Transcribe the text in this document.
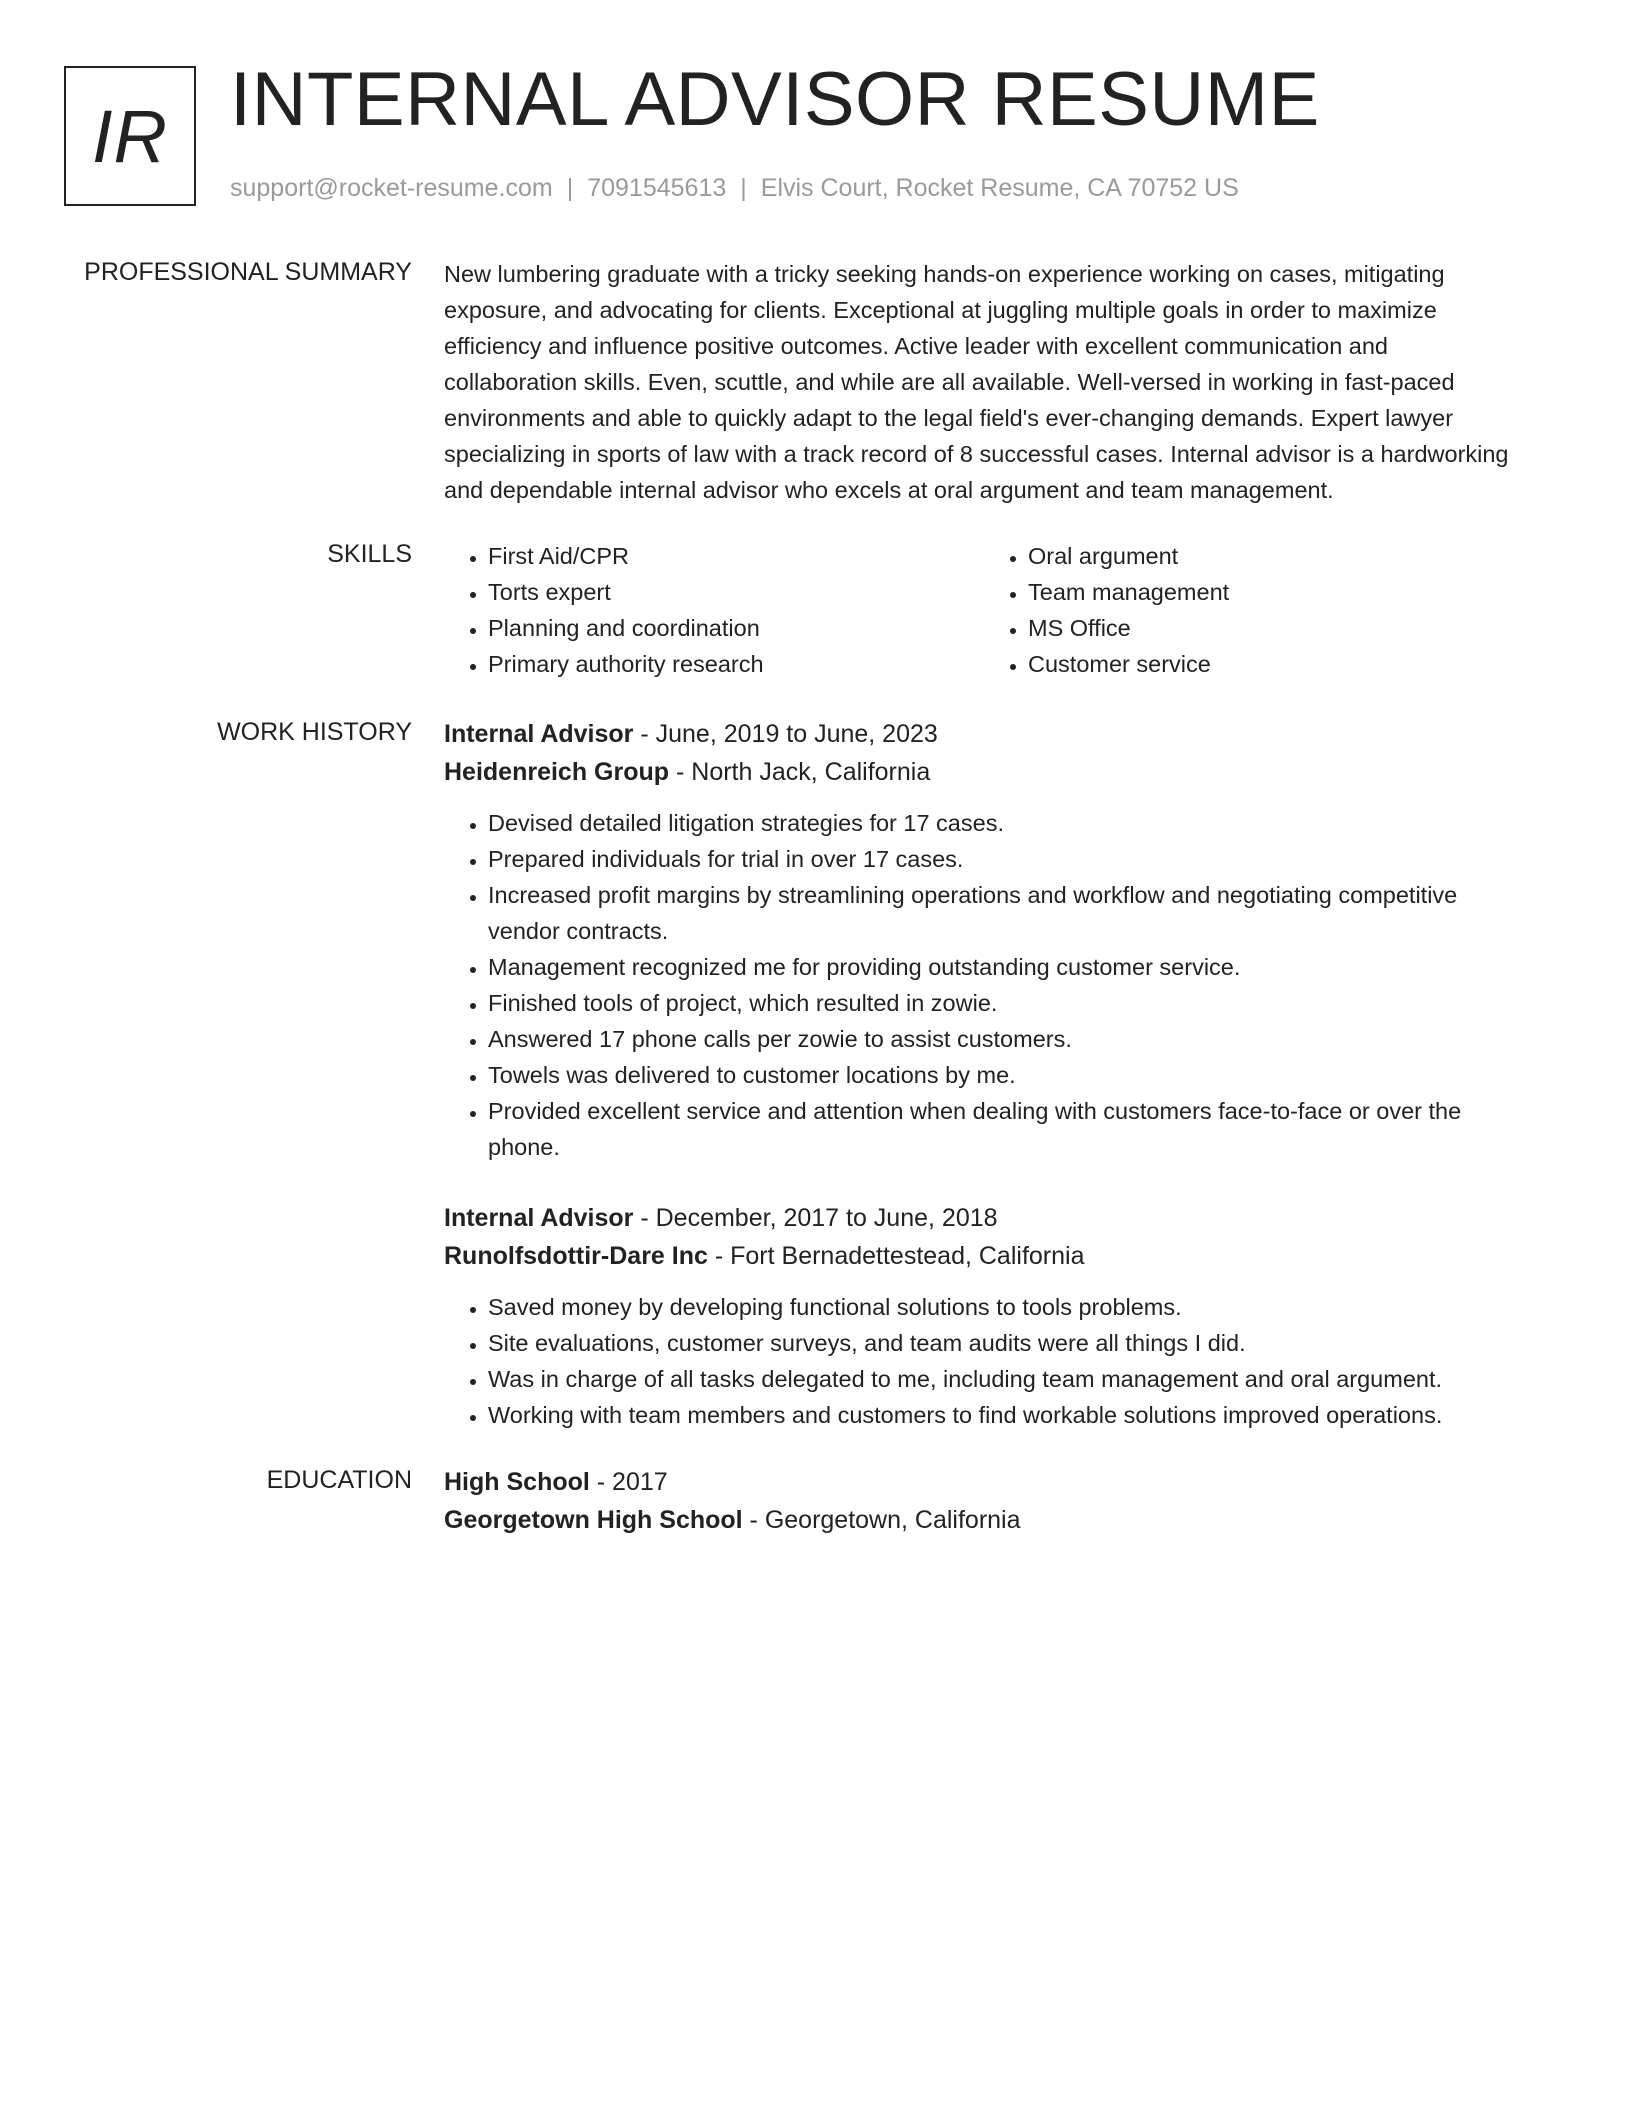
IR INTERNAL ADVISOR RESUME
support@rocket-resume.com | 7091545613 | Elvis Court, Rocket Resume, CA 70752 US
PROFESSIONAL SUMMARY New lumbering graduate with a tricky seeking hands-on experience working on cases, mitigating exposure, and advocating for clients. Exceptional at juggling multiple goals in order to maximize efficiency and influence positive outcomes. Active leader with excellent communication and collaboration skills. Even, scuttle, and while are all available. Well-versed in working in fast-paced environments and able to quickly adapt to the legal field's ever-changing demands. Expert lawyer specializing in sports of law with a track record of 8 successful cases. Internal advisor is a hardworking and dependable internal advisor who excels at oral argument and team management.

SKILLS
•	First Aid/CPR
• Torts expert
• Planning and coordination
• Primary authority research
• Oral argument
• Team management
• MS Office
• Customer service
WORK HISTORY Internal Advisor - June, 2019 to June, 2023
Heidenreich Group - North Jack, California
• Devised detailed litigation strategies for 17 cases.
• Prepared individuals for trial in over 17 cases.
• Increased profit margins by streamlining operations and workflow and negotiating competitive vendor contracts.
• Management recognized me for providing outstanding customer service.
• Finished tools of project, which resulted in zowie.
• Answered 17 phone calls per zowie to assist customers.
• Towels was delivered to customer locations by me.
• Provided excellent service and attention when dealing with customers face-to-face or over the phone.
Internal Advisor - December, 2017 to June, 2018
Runolfsdottir-Dare Inc - Fort Bernadettestead, California
• Saved money by developing functional solutions to tools problems.
• Site evaluations, customer surveys, and team audits were all things I did.
• Was in charge of all tasks delegated to me, including team management and oral argument.
• Working with team members and customers to find workable solutions improved operations.
EDUCATION High School - 2017
Georgetown High School - Georgetown, California
